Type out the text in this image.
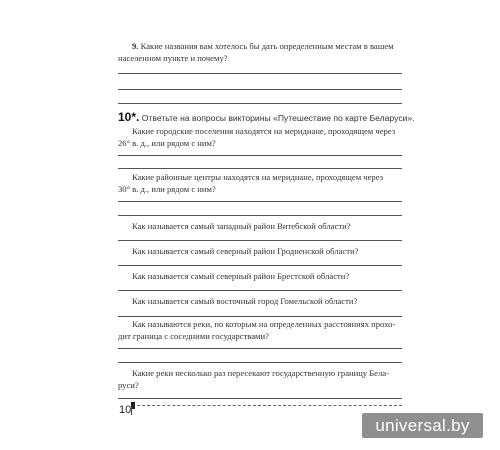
9. Какие названия вам хотелось бы дать определенным местам в вашем
населенном пункте и почему?
10*. Ответьте на вопросы викторины «Путешествие по карте Беларуси».
Какие городские поселения находятся на меридиане, проходящем через
26° в. д., или рядом с ним?
Какие районные центры находятся на меридиане, проходящем через
30° в. д., или рядом с ним?
Как называется самый западный район Витебской области?
Как называется самый северный район Гродненской области?
Как называется самый северный район Брестской области?
Как называется самый восточный город Гомельской области?
Как называются реки, по которым на определенных расстояниях прохо-
дит граница с соседними государствами?
Какие реки несколько раз пересекают государственную границу Бела-
руси?
10
universal.by
